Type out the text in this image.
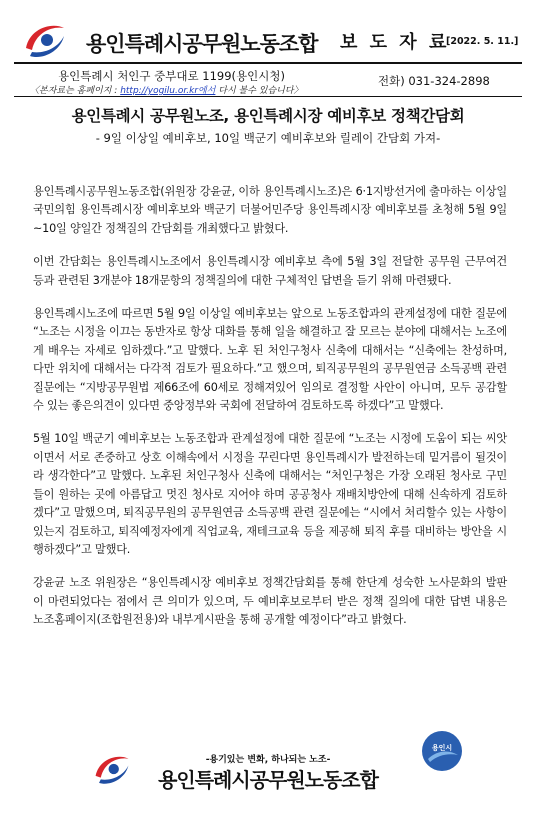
용인특례시공무원노동조합 보 도 자 료
[2022. 5. 11.]
용인특례시 처인구 중부대로 1199(용인시청)
〈본자료는 홈페이지 : http://yogilu.or.kr에서 다시 볼수 있습니다〉
전화) 031-324-2898
용인특례시 공무원노조, 용인특례시장 예비후보 정책간담회
- 9일 이상일 예비후보, 10일 백군기 예비후보와 릴레이 간담회 가져-

용인특례시공무원노동조합(위원장 강윤균, 이하 용인특례시노조)은 6·1지방선거에 출마하는 이상일 국민의힘 용인특례시장 예비후보와 백군기 더불어민주당 용인특례시장 예비후보를 초청해 5월 9일~10일 양일간 정책질의 간담회를 개최했다고 밝혔다.

이번 간담회는 용인특례시노조에서 용인특례시장 예비후보 측에 5월 3일 전달한 공무원 근무여건 등과 관련된 3개분야 18개문항의 정책질의에 대한 구체적인 답변을 듣기 위해 마련됐다.

용인특례시노조에 따르면 5월 9일 이상일 예비후보는 앞으로 노동조합과의 관계설정에 대한 질문에 “노조는 시정을 이끄는 동반자로 항상 대화를 통해 일을 해결하고 잘 모르는 분야에 대해서는 노조에게 배우는 자세로 임하겠다.”고 말했다. 노후 된 처인구청사 신축에 대해서는 “신축에는 찬성하며, 다만 위치에 대해서는 다각적 검토가 필요하다.”고 했으며, 퇴직공무원의 공무원연금 소득공백 관련 질문에는 “지방공무원법 제66조에 60세로 정해져있어 임의로 결정할 사안이 아니며, 모두 공감할 수 있는 좋은의견이 있다면 중앙정부와 국회에 전달하여 검토하도록 하겠다”고 말했다.

5월 10일 백군기 예비후보는 노동조합과 관계설정에 대한 질문에 “노조는 시정에 도움이 되는 씨앗이면서 서로 존중하고 상호 이해속에서 시정을 꾸린다면 용인특례시가 발전하는데 밑거름이 될것이라 생각한다”고 말했다. 노후된 처인구청사 신축에 대해서는 “처인구청은 가장 오래된 청사로 구민들이 원하는 곳에 아름답고 멋진 청사로 지어야 하며 공공청사 재배치방안에 대해 신속하게 검토하겠다”고 말했으며, 퇴직공무원의 공무원연금 소득공백 관련 질문에는 “시에서 처리할수 있는 사항이 있는지 검토하고, 퇴직예정자에게 직업교육, 재테크교육 등을 제공해 퇴직 후를 대비하는 방안을 시행하겠다”고 말했다.

강윤균 노조 위원장은 “용인특례시장 예비후보 정책간담회를 통해 한단계 성숙한 노사문화의 발판이 마련되었다는 점에서 큰 의미가 있으며, 두 예비후보로부터 받은 정책 질의에 대한 답변 내용은 노조홈페이지(조합원전용)와 내부게시판을 통해 공개할 예정이다”라고 밝혔다.

-용기있는 변화, 하나되는 노조-
용인특례시공무원노동조합
용인시
